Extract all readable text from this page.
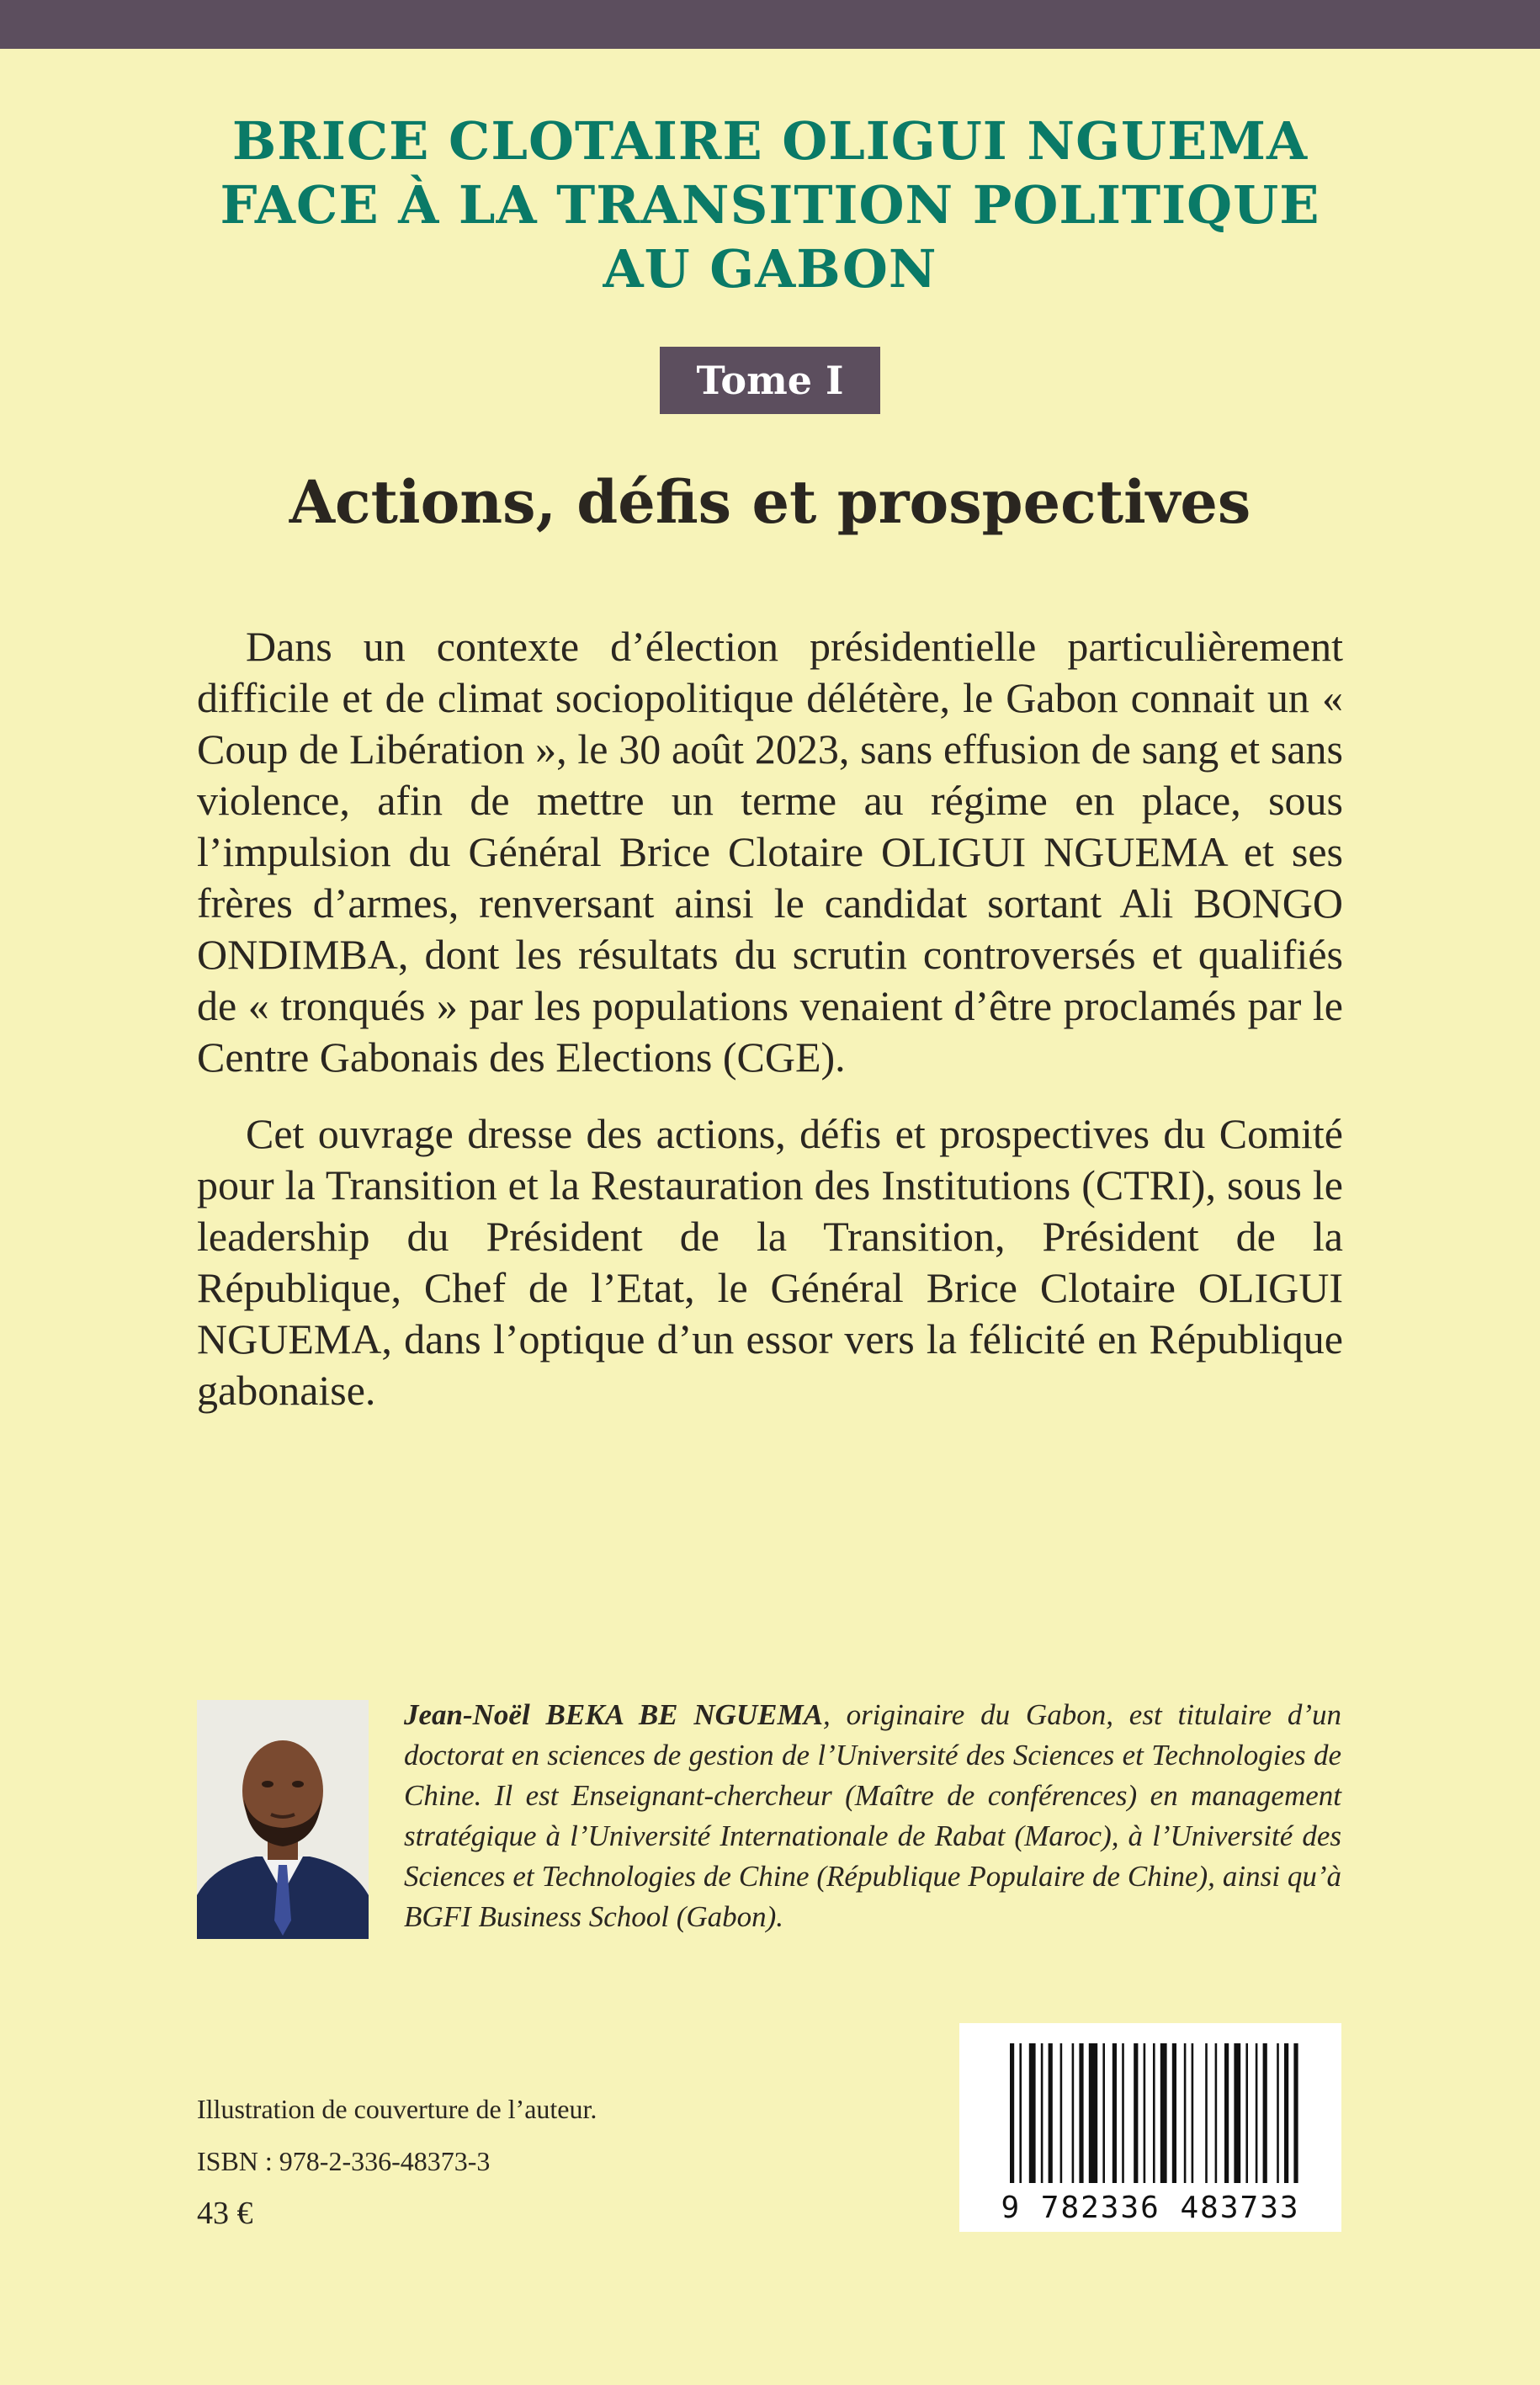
BRICE CLOTAIRE OLIGUI NGUEMA
FACE À LA TRANSITION POLITIQUE
AU GABON
Tome I
Actions, défis et prospectives

Dans un contexte d’élection présidentielle particulièrement difficile et de climat sociopolitique délétère, le Gabon connait un « Coup de Libération », le 30 août 2023, sans effusion de sang et sans violence, afin de mettre un terme au régime en place, sous l’impulsion du Général Brice Clotaire OLIGUI NGUEMA et ses frères d’armes, renversant ainsi le candidat sortant Ali BONGO ONDIMBA, dont les résultats du scrutin controversés et qualifiés de « tronqués » par les populations venaient d’être proclamés par le Centre Gabonais des Elections (CGE).

Cet ouvrage dresse des actions, défis et prospectives du Comité pour la Transition et la Restauration des Institutions (CTRI), sous le leadership du Président de la Transition, Président de la République, Chef de l’Etat, le Général Brice Clotaire OLIGUI NGUEMA, dans l’optique d’un essor vers la félicité en République gabonaise.

Jean-Noël BEKA BE NGUEMA, originaire du Gabon, est titulaire d’un doctorat en sciences de gestion de l’Université des Sciences et Technologies de Chine. Il est Enseignant-chercheur (Maître de conférences) en management stratégique à l’Université Internationale de Rabat (Maroc), à l’Université des Sciences et Technologies de Chine (République Populaire de Chine), ainsi qu’à BGFI Business School (Gabon).
Illustration de couverture de l’auteur.
ISBN : 978-2-336-48373-3
43 €	9 782336 483733
